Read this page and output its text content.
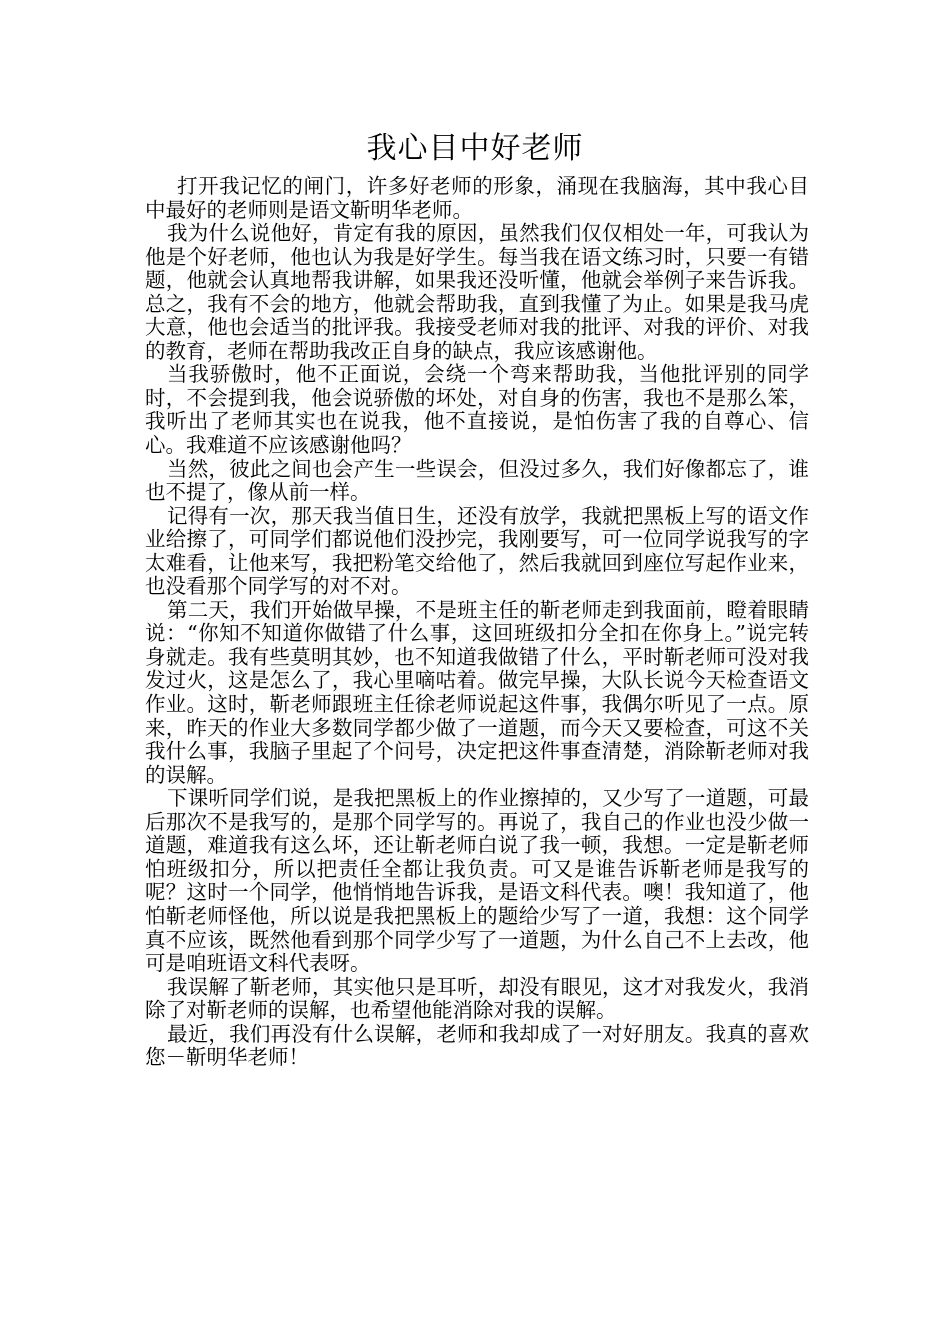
我心目中好老师

打开我记忆的闸门，许多好老师的形象，涌现在我脑海，其中我心目中最好的老师则是语文靳明华老师。

我为什么说他好，肯定有我的原因，虽然我们仅仅相处一年，可我认为他是个好老师，他也认为我是好学生。每当我在语文练习时，只要一有错题，他就会认真地帮我讲解，如果我还没听懂，他就会举例子来告诉我。总之，我有不会的地方，他就会帮助我，直到我懂了为止。如果是我马虎大意，他也会适当的批评我。我接受老师对我的批评、对我的评价、对我的教育，老师在帮助我改正自身的缺点，我应该感谢他。

当我骄傲时，他不正面说，会绕一个弯来帮助我，当他批评别的同学时，不会提到我，他会说骄傲的坏处，对自身的伤害，我也不是那么笨，我听出了老师其实也在说我，他不直接说，是怕伤害了我的自尊心、信心。我难道不应该感谢他吗？

当然，彼此之间也会产生一些误会，但没过多久，我们好像都忘了，谁也不提了，像从前一样。

记得有一次，那天我当值日生，还没有放学，我就把黑板上写的语文作业给擦了，可同学们都说他们没抄完，我刚要写，可一位同学说我写的字太难看，让他来写，我把粉笔交给他了，然后我就回到座位写起作业来，也没看那个同学写的对不对。

第二天，我们开始做早操，不是班主任的靳老师走到我面前，瞪着眼睛说：“你知不知道你做错了什么事，这回班级扣分全扣在你身上。”说完转身就走。我有些莫明其妙，也不知道我做错了什么，平时靳老师可没对我发过火，这是怎么了，我心里嘀咕着。做完早操，大队长说今天检查语文作业。这时，靳老师跟班主任徐老师说起这件事，我偶尔听见了一点。原来，昨天的作业大多数同学都少做了一道题，而今天又要检查，可这不关我什么事，我脑子里起了个问号，决定把这件事查清楚，消除靳老师对我的误解。

下课听同学们说，是我把黑板上的作业擦掉的，又少写了一道题，可最后那次不是我写的，是那个同学写的。再说了，我自己的作业也没少做一道题，难道我有这么坏，还让靳老师白说了我一顿，我想。一定是靳老师怕班级扣分，所以把责任全都让我负责。可又是谁告诉靳老师是我写的呢？这时一个同学，他悄悄地告诉我，是语文科代表。噢！我知道了，他怕靳老师怪他，所以说是我把黑板上的题给少写了一道，我想：这个同学真不应该，既然他看到那个同学少写了一道题，为什么自己不上去改，他可是咱班语文科代表呀。

我误解了靳老师，其实他只是耳听，却没有眼见，这才对我发火，我消除了对靳老师的误解，也希望他能消除对我的误解。

最近，我们再没有什么误解，老师和我却成了一对好朋友。我真的喜欢您－靳明华老师！
